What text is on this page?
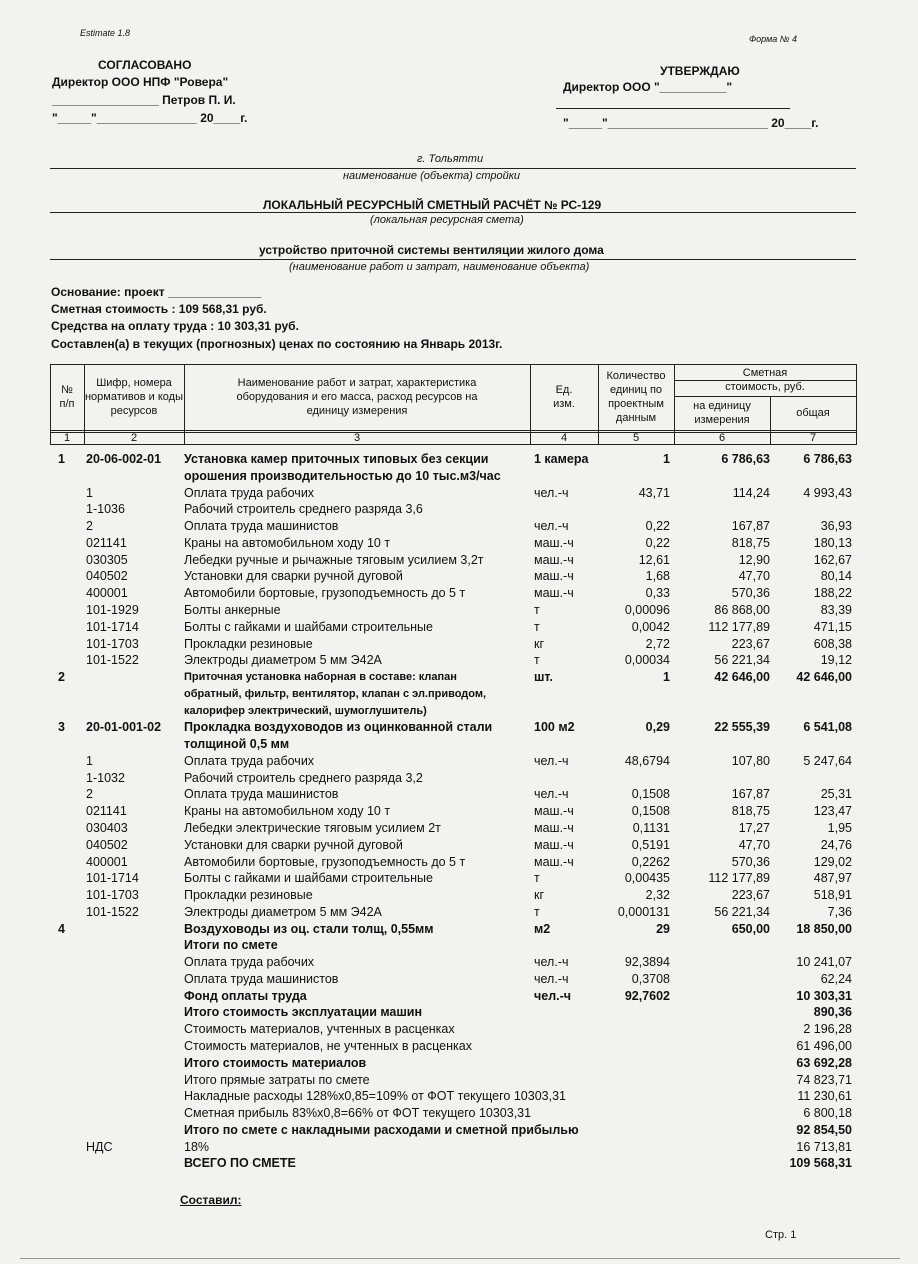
Estimate 1.8
Форма № 4
СОГЛАСОВАНО
Директор ООО НПФ "Ровера"
________________ Петров П. И.
"_____"_______________ 20____г.
УТВЕРЖДАЮ
Директор ООО "__________"
"_____"________________________ 20____г.
г. Тольятти
наименование (объекта) стройки
ЛОКАЛЬНЫЙ РЕСУРСНЫЙ СМЕТНЫЙ РАСЧЁТ № РС-129
(локальная ресурсная смета)
устройство приточной системы вентиляции жилого дома
(наименование работ и затрат, наименование объекта)
Основание: проект ______________
Сметная стоимость : 109 568,31 руб.
Средства на оплату труда : 10 303,31 руб.
Составлен(а) в текущих (прогнозных) ценах по состоянию на Январь 2013г.
№ п/п
Шифр, номера нормативов и коды ресурсов
Наименование работ и затрат, характеристика оборудования и его масса, расход ресурсов на единицу измерения
Ед. изм.
Количество единиц по проектным данным
Сметная стоимость, руб.
на единицу измерения
общая
1	2	3	4	5	6	7
1	20-06-002-01 Установка камер приточных типовых без секции	1 камера	1	6 786,63	6 786,63
орошения производительностью до 10 тыс.м3/час
1	Оплата труда рабочих	чел.-ч	43,71	114,24	4 993,43
1-1036	Рабочий строитель среднего разряда 3,6
2	Оплата труда машинистов	чел.-ч	0,22	167,87	36,93
021141	Краны на автомобильном ходу 10 т	маш.-ч	0,22	818,75	180,13
030305	Лебедки ручные и рычажные тяговым усилием 3,2т	маш.-ч	12,61	12,90	162,67
040502	Установки для сварки ручной дуговой	маш.-ч	1,68	47,70	80,14
400001	Автомобили бортовые, грузоподъемность до 5 т	маш.-ч	0,33	570,36	188,22
101-1929	Болты анкерные	т	0,00096	86 868,00	83,39
101-1714	Болты с гайками и шайбами строительные	т	0,0042	112 177,89	471,15
101-1703	Прокладки резиновые	кг	2,72	223,67	608,38
101-1522	Электроды диаметром 5 мм Э42А	т	0,00034	56 221,34	19,12
2	Приточная установка наборная в составе: клапан	шт.	1	42 646,00	42 646,00
обратный, фильтр, вентилятор, клапан с эл.приводом,
калорифер электрический, шумоглушитель)
3	20-01-001-02 Прокладка воздуховодов из оцинкованной стали	100 м2	0,29	22 555,39	6 541,08
толщиной 0,5 мм
1	Оплата труда рабочих	чел.-ч	48,6794	107,80	5 247,64
1-1032	Рабочий строитель среднего разряда 3,2
2	Оплата труда машинистов	чел.-ч	0,1508	167,87	25,31
021141	Краны на автомобильном ходу 10 т	маш.-ч	0,1508	818,75	123,47
030403	Лебедки электрические тяговым усилием 2т	маш.-ч	0,1131	17,27	1,95
040502	Установки для сварки ручной дуговой	маш.-ч	0,5191	47,70	24,76
400001	Автомобили бортовые, грузоподъемность до 5 т	маш.-ч	0,2262	570,36	129,02
101-1714	Болты с гайками и шайбами строительные	т	0,00435	112 177,89	487,97
101-1703	Прокладки резиновые	кг	2,32	223,67	518,91
101-1522	Электроды диаметром 5 мм Э42А	т	0,000131	56 221,34	7,36
4	Воздуховоды из оц. стали толщ, 0,55мм	м2	29	650,00	18 850,00
Итоги по смете
Оплата труда рабочих	чел.-ч	92,3894	10 241,07
Оплата труда машинистов	чел.-ч	0,3708	62,24
Фонд оплаты труда	чел.-ч	92,7602	10 303,31
Итого стоимость эксплуатации машин	890,36
Стоимость материалов, учтенных в расценках	2 196,28
Стоимость материалов, не учтенных в расценках	61 496,00
Итого стоимость материалов	63 692,28
Итого прямые затраты по смете	74 823,71
Накладные расходы 128%х0,85=109% от ФОТ текущего 10303,31	11 230,61
Сметная прибыль 83%х0,8=66% от ФОТ текущего 10303,31	6 800,18
Итого по смете с накладными расходами и сметной прибылью	92 854,50
НДС	18%	16 713,81
ВСЕГО ПО СМЕТЕ	109 568,31
Составил:
Стр. 1
